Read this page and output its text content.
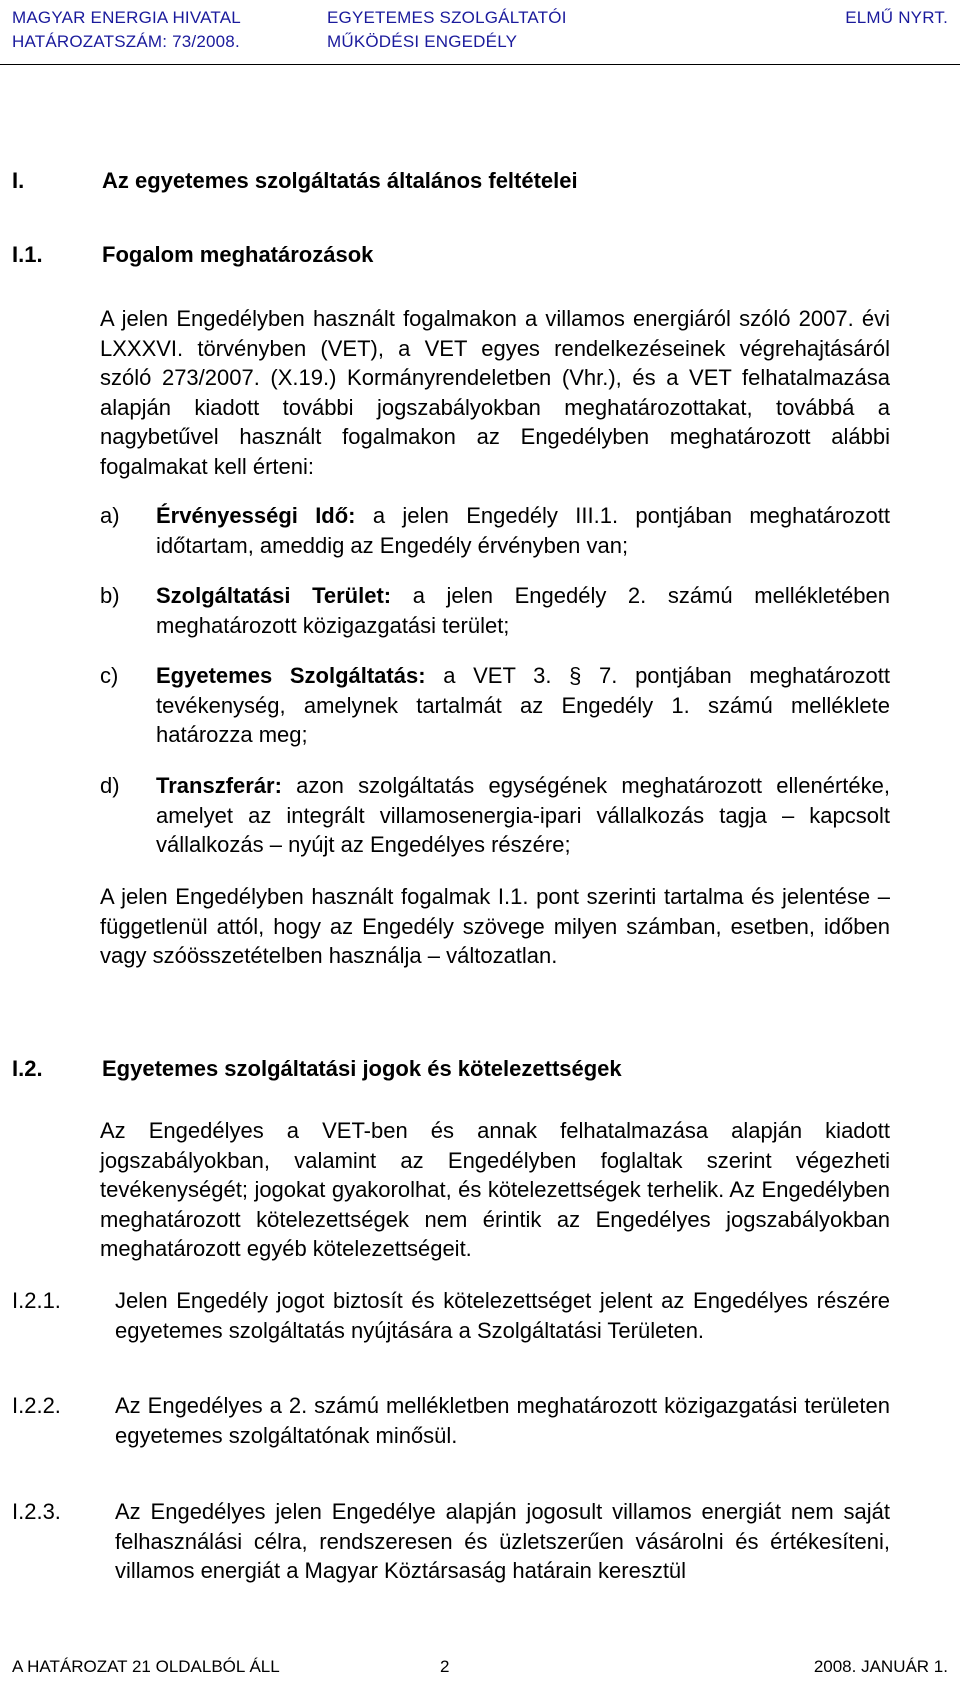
MAGYAR ENERGIA HIVATAL
HATÁROZATSZÁM: 73/2008.
EGYETEMES SZOLGÁLTATÓI
MŰKÖDÉSI ENGEDÉLY
ELMŰ NYRT.
I.	Az egyetemes szolgáltatás általános feltételei
I.1.	Fogalom meghatározások
A jelen Engedélyben használt fogalmakon a villamos energiáról szóló 2007. évi LXXXVI. törvényben (VET), a VET egyes rendelkezéseinek végrehajtásáról szóló 273/2007. (X.19.) Kormányrendeletben (Vhr.), és a VET felhatalmazása alapján kiadott további jogszabályokban meghatározottakat, továbbá a nagybetűvel használt fogalmakon az Engedélyben meghatározott alábbi fogalmakat kell érteni:
a) Érvényességi Idő: a jelen Engedély III.1. pontjában meghatározott időtartam, ameddig az Engedély érvényben van;
b) Szolgáltatási Terület: a jelen Engedély 2. számú mellékletében meghatározott közigazgatási terület;
c) Egyetemes Szolgáltatás: a VET 3. § 7. pontjában meghatározott tevékenység, amelynek tartalmát az Engedély 1. számú melléklete határozza meg;
d) Transzferár: azon szolgáltatás egységének meghatározott ellenértéke, amelyet az integrált villamosenergia-ipari vállalkozás tagja – kapcsolt vállalkozás – nyújt az Engedélyes részére;
A jelen Engedélyben használt fogalmak I.1. pont szerinti tartalma és jelentése – függetlenül attól, hogy az Engedély szövege milyen számban, esetben, időben vagy szóösszetételben használja – változatlan.
I.2.	Egyetemes szolgáltatási jogok és kötelezettségek
Az Engedélyes a VET-ben és annak felhatalmazása alapján kiadott jogszabályokban, valamint az Engedélyben foglaltak szerint végezheti tevékenységét; jogokat gyakorolhat, és kötelezettségek terhelik. Az Engedélyben meghatározott kötelezettségek nem érintik az Engedélyes jogszabályokban meghatározott egyéb kötelezettségeit.
I.2.1. Jelen Engedély jogot biztosít és kötelezettséget jelent az Engedélyes részére egyetemes szolgáltatás nyújtására a Szolgáltatási Területen.
I.2.2. Az Engedélyes a 2. számú mellékletben meghatározott közigazgatási területen egyetemes szolgáltatónak minősül.
I.2.3. Az Engedélyes jelen Engedélye alapján jogosult villamos energiát nem saját felhasználási célra, rendszeresen és üzletszerűen vásárolni és értékesíteni, villamos energiát a Magyar Köztársaság határain keresztül
A HATÁROZAT 21 OLDALBÓL ÁLL	2	2008. JANUÁR 1.
